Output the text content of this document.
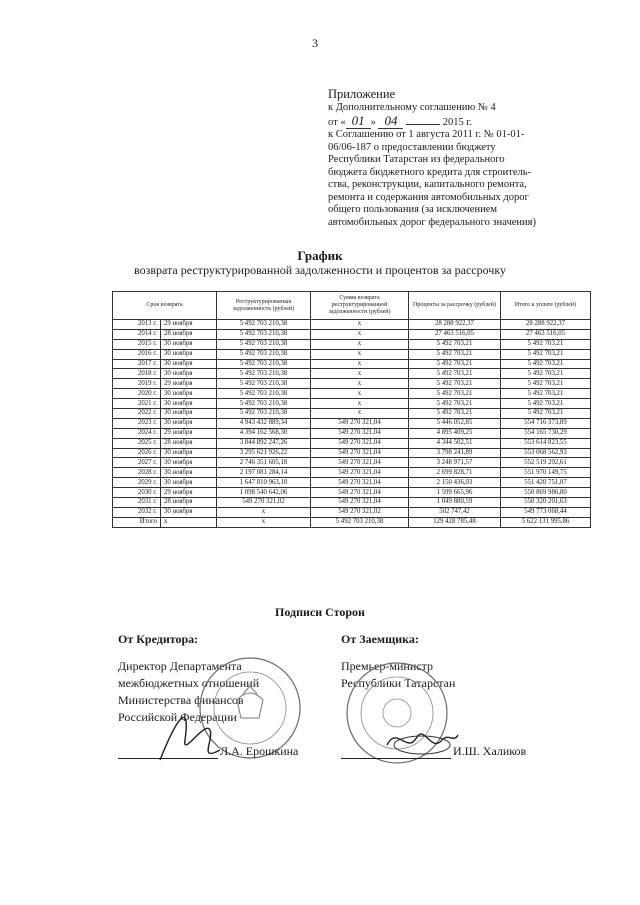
3
Приложение
к Дополнительному соглашению № 4
от « 01 » 04	2015 г.
к Соглашению от 1 августа 2011 г. № 01-01-
06/06-187 о предоставлении бюджету
Республики Татарстан из федерального
бюджета бюджетного кредита для строитель-
ства, реконструкции, капитального ремонта,
ремонта и содержания автомобильных дорог
общего пользования (за исключением
автомобильных дорог федерального значения)
График
возврата реструктурированной задолженности и процентов за рассрочку
Срок возврата		Реструктурированная задолженность (рублей)	Сумма возврата реструктурированной задолженности (рублей)	Проценты за рассрочку (рублей)	Итого к уплате (рублей)
2013 г.	29 ноября	5 492 703 210,38	х	28 288 922,37	28 288 922,37
2014 г.	28 ноября	5 492 703 210,38	х	27 463 516,05	27 463 516,05
2015 г.	30 ноября	5 492 703 210,38	х	5 492 703,21	5 492 703,21
2016 г.	30 ноября	5 492 703 210,38	х	5 492 703,21	5 492 703,21
2017 г.	30 ноября	5 492 703 210,38	х	5 492 703,21	5 492 703,21
2018 г.	30 ноября	5 492 703 210,38	х	5 492 703,21	5 492 703,21
2019 г.	29 ноября	5 492 703 210,38	х	5 492 703,21	5 492 703,21
2020 г.	30 ноября	5 492 703 210,38	х	5 492 703,21	5 492 703,21
2021 г.	30 ноября	5 492 703 210,38	х	5 492 703,21	5 492 703,21
2022 г.	30 ноября	5 492 703 210,38	х	5 492 703,21	5 492 703,21
2023 г.	30 ноября	4 943 432 889,34	549 270 321,04	5 446 052,85	554 716 373,89
2024 г.	29 ноября	4 394 162 568,30	549 270 321,04	4 895 409,25	554 165 730,29
2025 г.	28 ноября	3 844 892 247,26	549 270 321,04	4 344 502,51	553 614 823,55
2026 г.	30 ноября	3 295 621 926,22	549 270 321,04	3 798 241,89	553 068 562,93
2027 г.	30 ноября	2 746 351 605,18	549 270 321,04	3 248 971,57	552 519 292,61
2028 г.	30 ноября	2 197 081 284,14	549 270 321,04	2 699 828,71	551 970 149,75
2029 г.	30 ноября	1 647 810 963,10	549 270 321,04	2 150 436,03	551 420 751,07
2030 г.	29 ноября	1 098 540 642,06	549 270 321,04	1 599 665,96	550 869 986,80
2031 г.	28 ноября	549 270 321,02	549 270 321,04	1 049 880,59	550 320 201,63
2032 г.	30 ноября	х	549 270 321,02	502 747,42	549 773 068,44
Итого	х	х	5 492 703 210,38	129 428 785,48	5 622 131 995,86
Подписи Сторон
От Кредитора:	От Заемщика:
Директор Департамента
межбюджетных отношений
Министерства финансов
Российской Федерации
Премьер-министр
Республики Татарстан
Л.А. Ерошкина	И.Ш. Халиков
